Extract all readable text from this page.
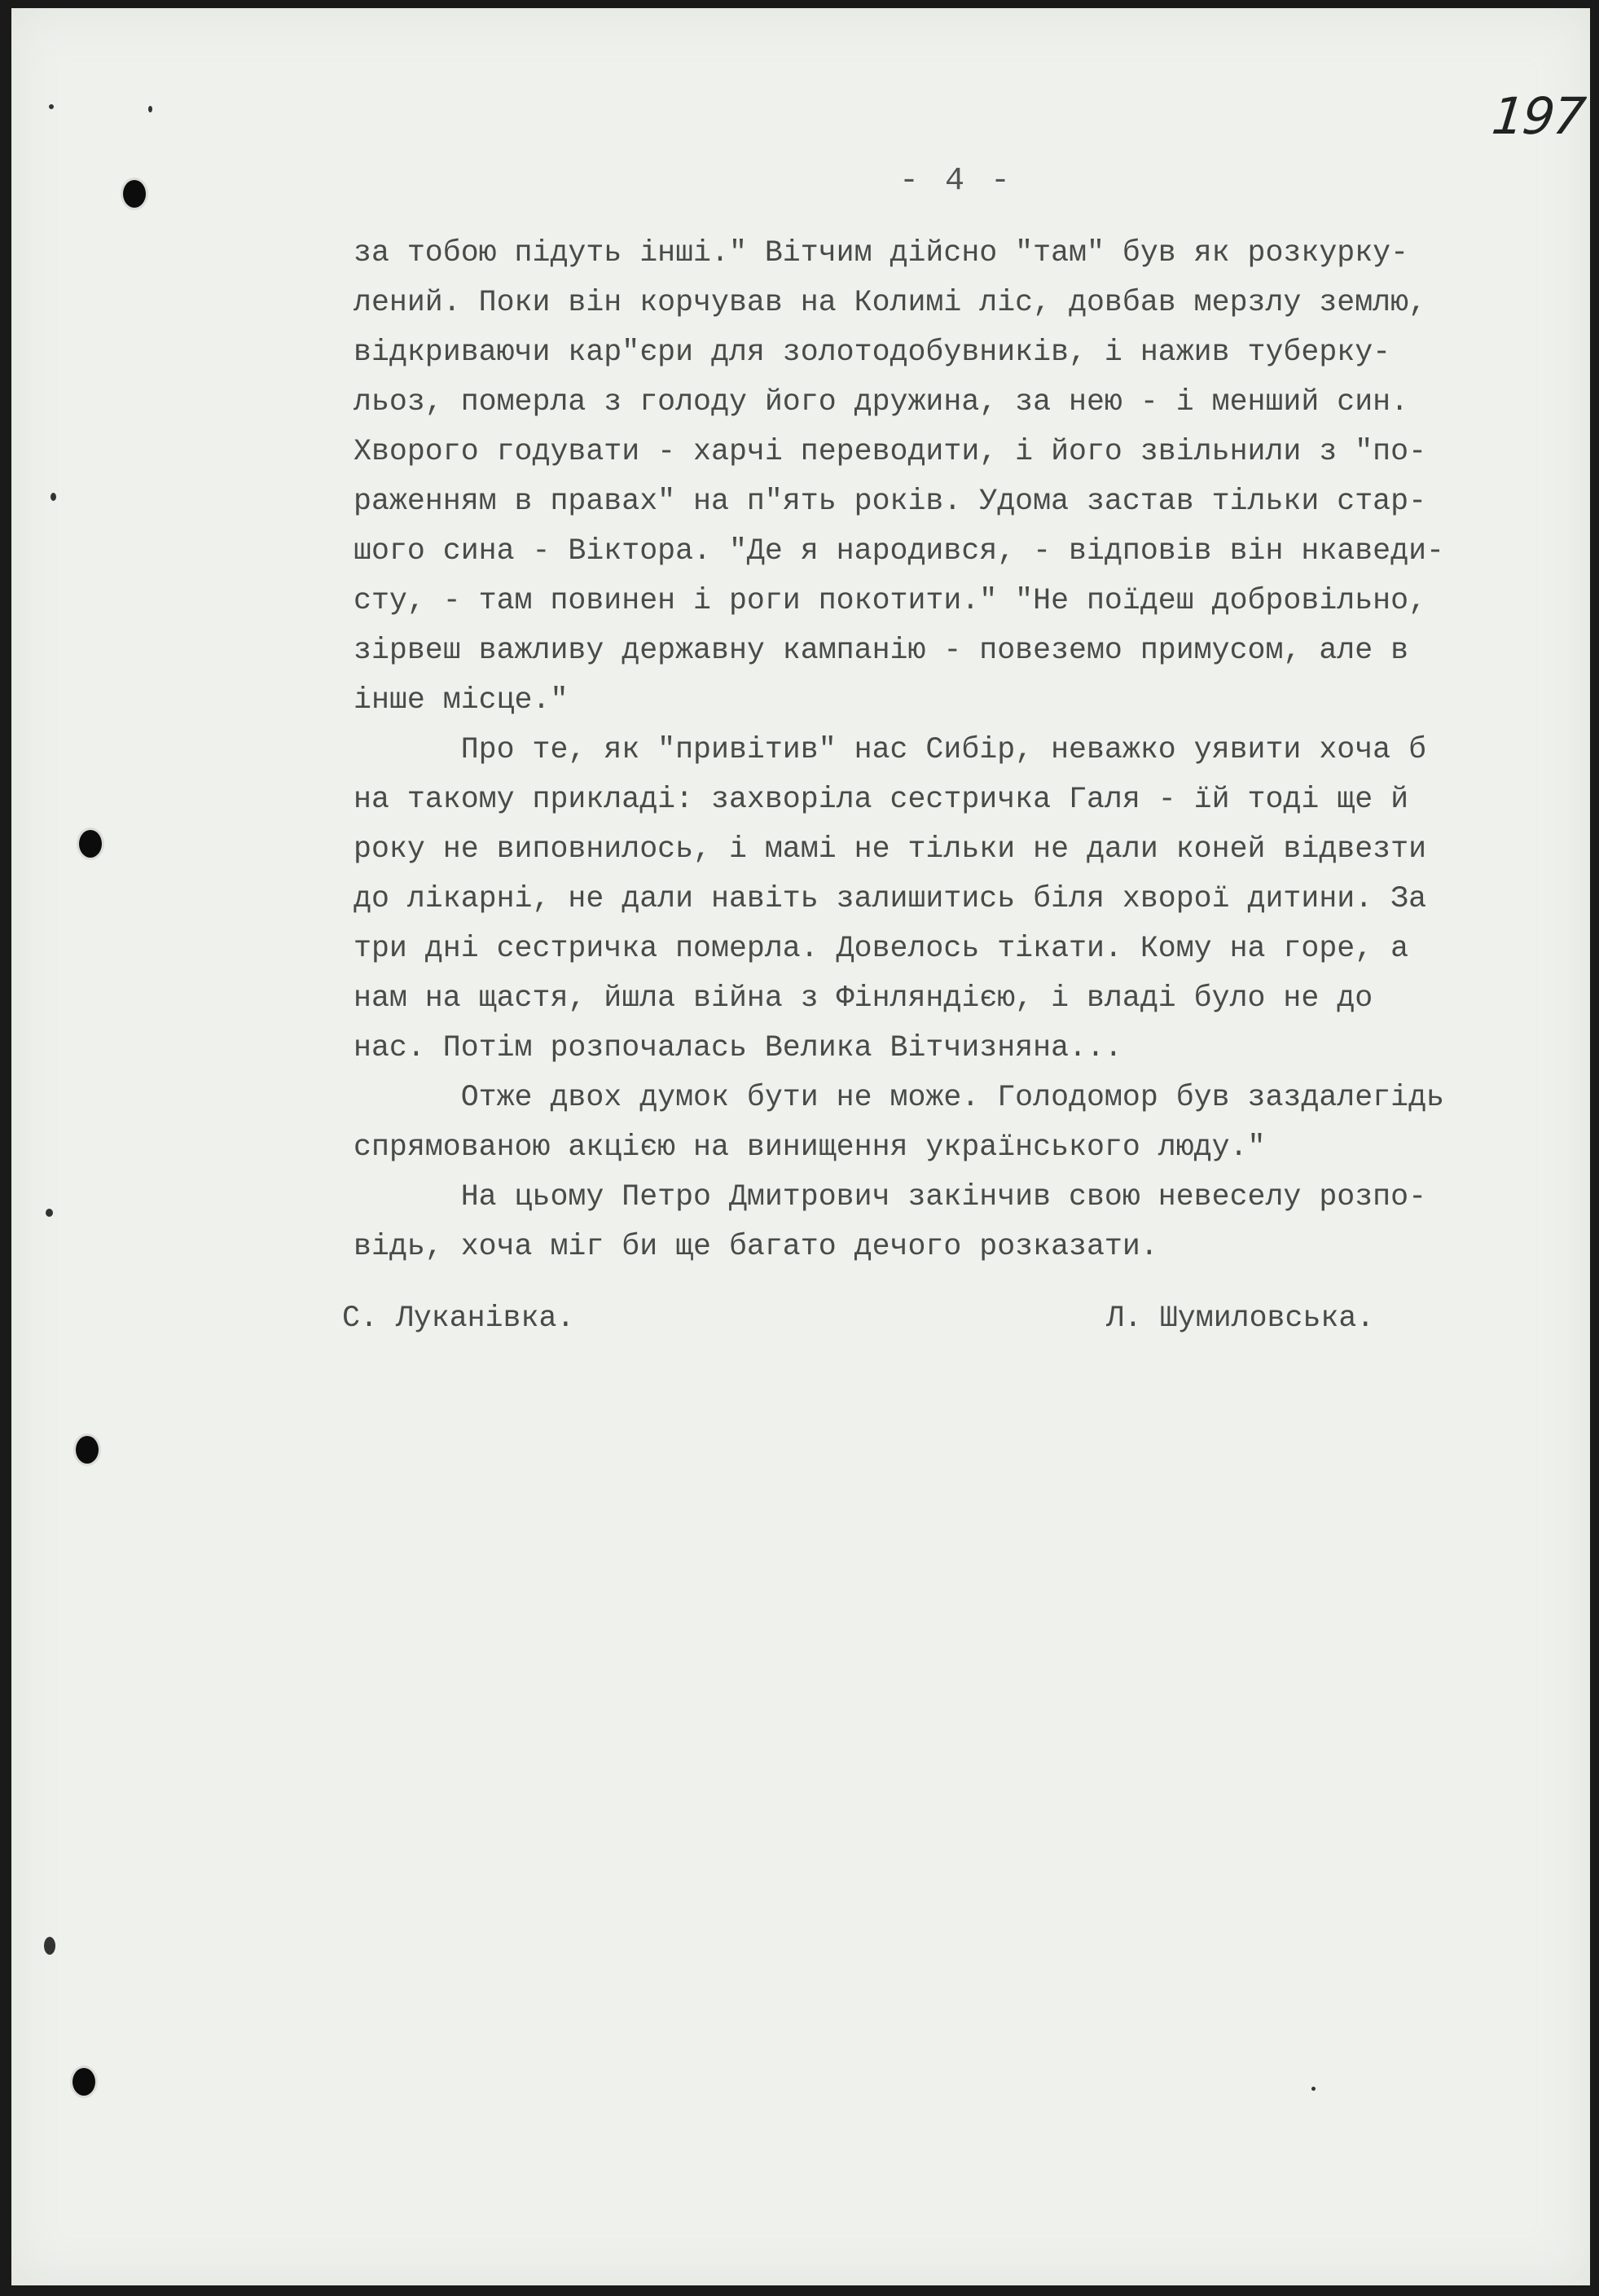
197
- 4 -
за тобою підуть інші." Вітчим дійсно "там" був як розкурку-
лений. Поки він корчував на Колимі ліс, довбав мерзлу землю,
відкриваючи кар"єри для золотодобувників, і нажив туберку-
льоз, померла з голоду його дружина, за нею - і менший син.
Хворого годувати - харчі переводити, і його звільнили з "по-
раженням в правах" на п"ять років. Удома застав тільки стар-
шого сина - Віктора. "Де я народився, - відповів він нкаведи-
сту, - там повинен і роги покотити." "Не поїдеш добровільно,
зірвеш важливу державну кампанію - повеземо примусом, але в
інше місце."
Про те, як "привітив" нас Сибір, неважко уявити хоча б
на такому прикладі: захворіла сестричка Галя - їй тоді ще й
року не виповнилось, і мамі не тільки не дали коней відвезти
до лікарні, не дали навіть залишитись біля хворої дитини. За
три дні сестричка померла. Довелось тікати. Кому на горе, а
нам на щастя, йшла війна з Фінляндією, і владі було не до
нас. Потім розпочалась Велика Вітчизняна...
Отже двох думок бути не може. Голодомор був заздалегідь
спрямованою акцією на винищення українського люду."
На цьому Петро Дмитрович закінчив свою невеселу розпо-
відь, хоча міг би ще багато дечого розказати.
С. Луканівка.	Л. Шумиловська.
